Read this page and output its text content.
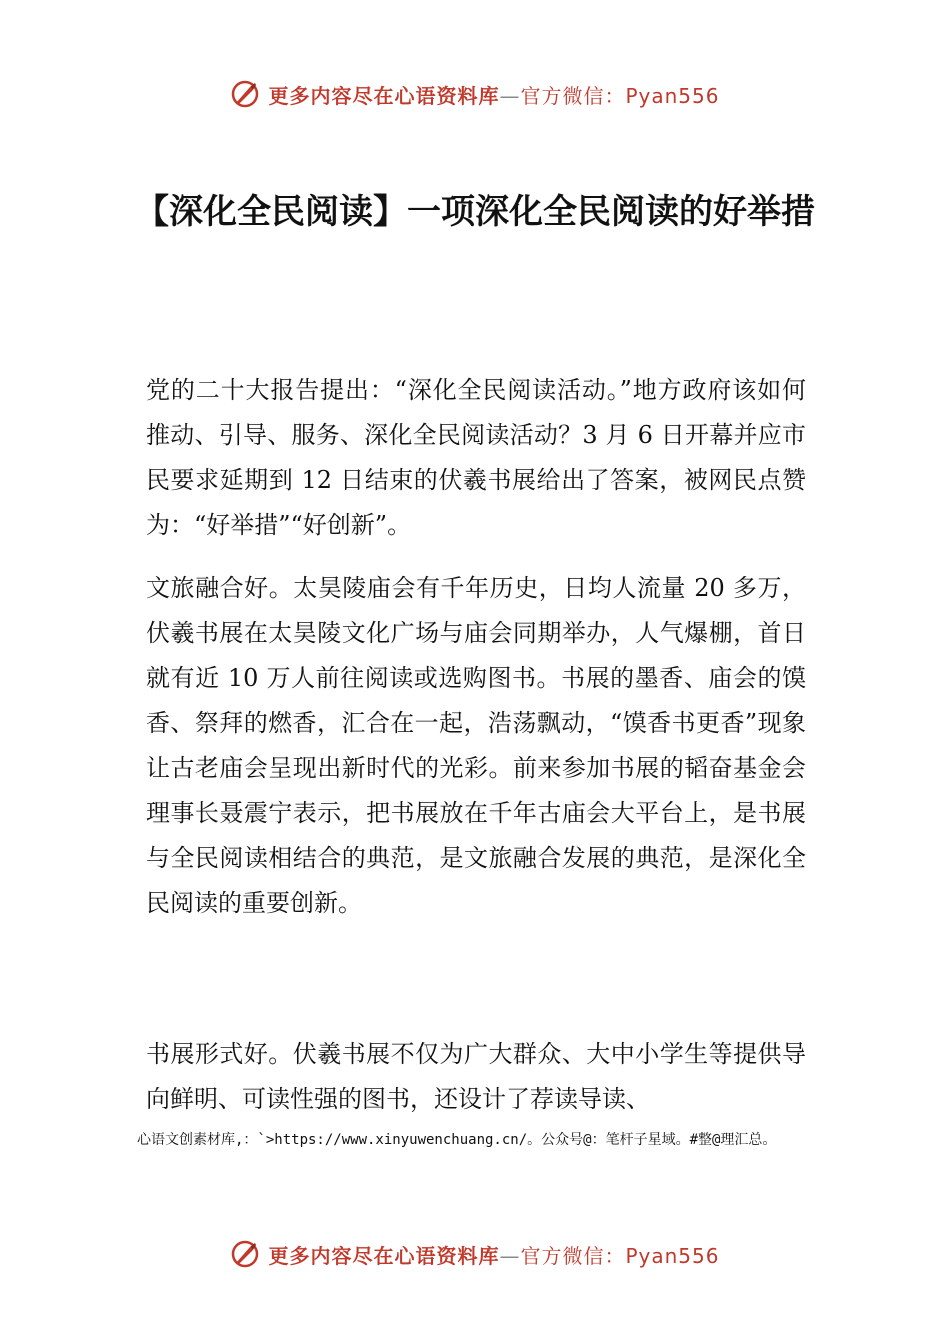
更多内容尽在心语资料库—官方微信：Pyan556
【深化全民阅读】一项深化全民阅读的好举措

党的二十大报告提出：“深化全民阅读活动。”地方政府该如何推动、引导、服务、深化全民阅读活动？3 月 6 日开幕并应市民要求延期到 12 日结束的伏羲书展给出了答案，被网民点赞为：“好举措”“好创新”。

文旅融合好。太昊陵庙会有千年历史，日均人流量 20 多万，伏羲书展在太昊陵文化广场与庙会同期举办，人气爆棚，首日就有近 10 万人前往阅读或选购图书。书展的墨香、庙会的馍香、祭拜的燃香，汇合在一起，浩荡飘动，“馍香书更香”现象让古老庙会呈现出新时代的光彩。前来参加书展的韬奋基金会理事长聂震宁表示，把书展放在千年古庙会大平台上，是书展与全民阅读相结合的典范，是文旅融合发展的典范，是深化全民阅读的重要创新。

书展形式好。伏羲书展不仅为广大群众、大中小学生等提供导向鲜明、可读性强的图书，还设计了荐读导读、

心语文创素材库,：`>https://www.xinyuwenchuang.cn/。公众号@：笔杆子星域。#整@理汇总。
更多内容尽在心语资料库—官方微信：Pyan556
